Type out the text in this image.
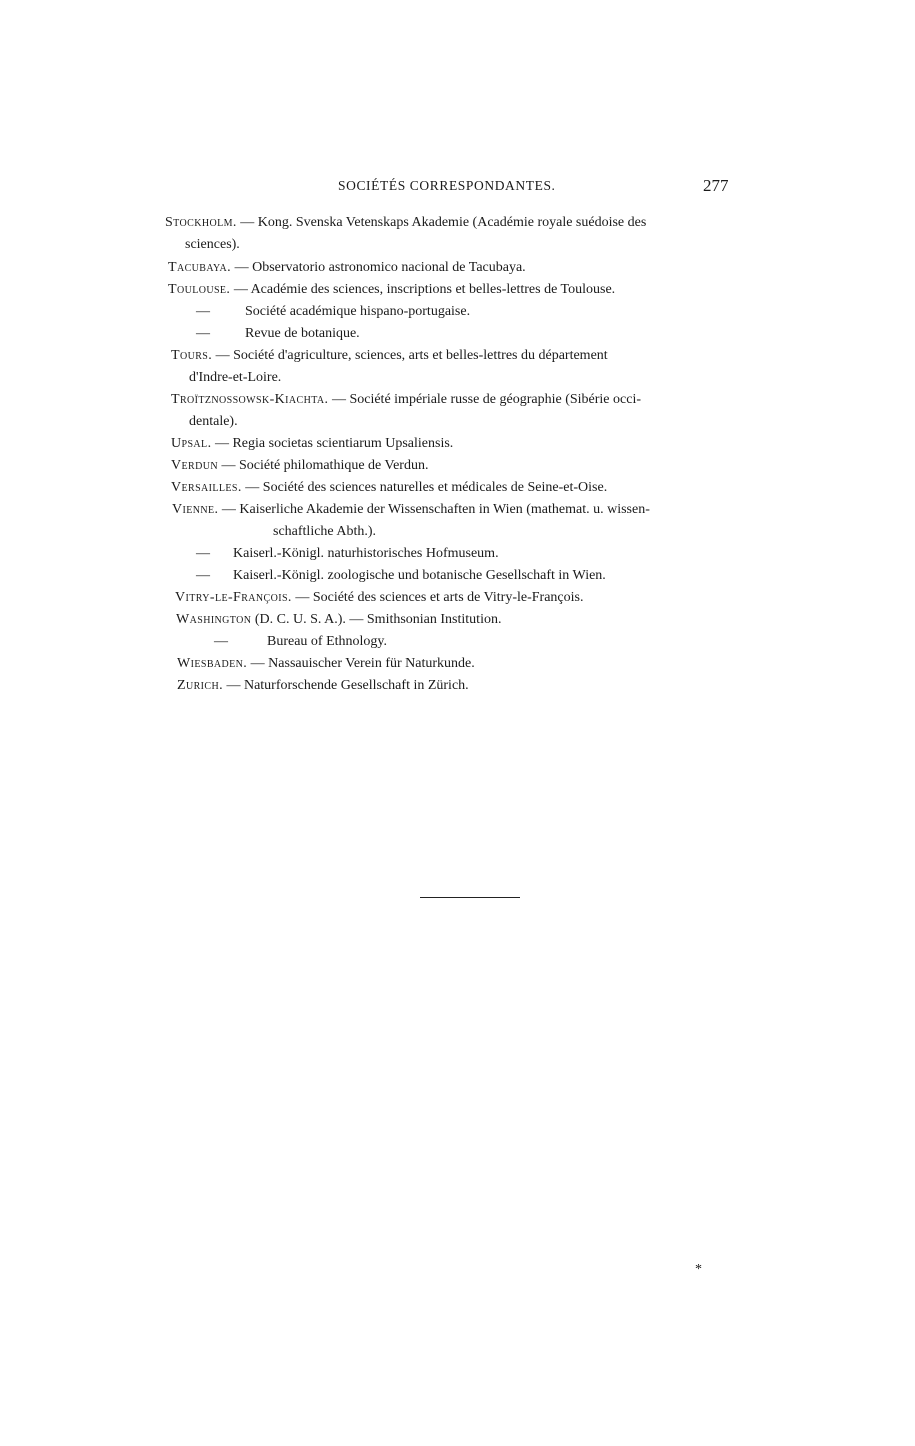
SOCIÉTÉS CORRESPONDANTES.	277
Stockholm. — Kong. Svenska Vetenskaps Akademie (Académie royale suédoise des
sciences).
Tacubaya. — Observatorio astronomico nacional de Tacubaya.
Toulouse. — Académie des sciences, inscriptions et belles-lettres de Toulouse.
—	Société académique hispano-portugaise.
—	Revue de botanique.
Tours. — Société d'agriculture, sciences, arts et belles-lettres du département
d'Indre-et-Loire.
Troïtznossowsk-Kiachta. — Société impériale russe de géographie (Sibérie occi-
dentale).
Upsal. — Regia societas scientiarum Upsaliensis.
Verdun — Société philomathique de Verdun.
Versailles. — Société des sciences naturelles et médicales de Seine-et-Oise.
Vienne. — Kaiserliche Akademie der Wissenschaften in Wien (mathemat. u. wissen-
schaftliche Abth.).
— Kaiserl.-Königl. naturhistorisches Hofmuseum.
— Kaiserl.-Königl. zoologische und botanische Gesellschaft in Wien.
Vitry-le-François. — Société des sciences et arts de Vitry-le-François.
Washington (D. C. U. S. A.). — Smithsonian Institution.
—	Bureau of Ethnology.
Wiesbaden. — Nassauischer Verein für Naturkunde.
Zurich. — Naturforschende Gesellschaft in Zürich.
*
